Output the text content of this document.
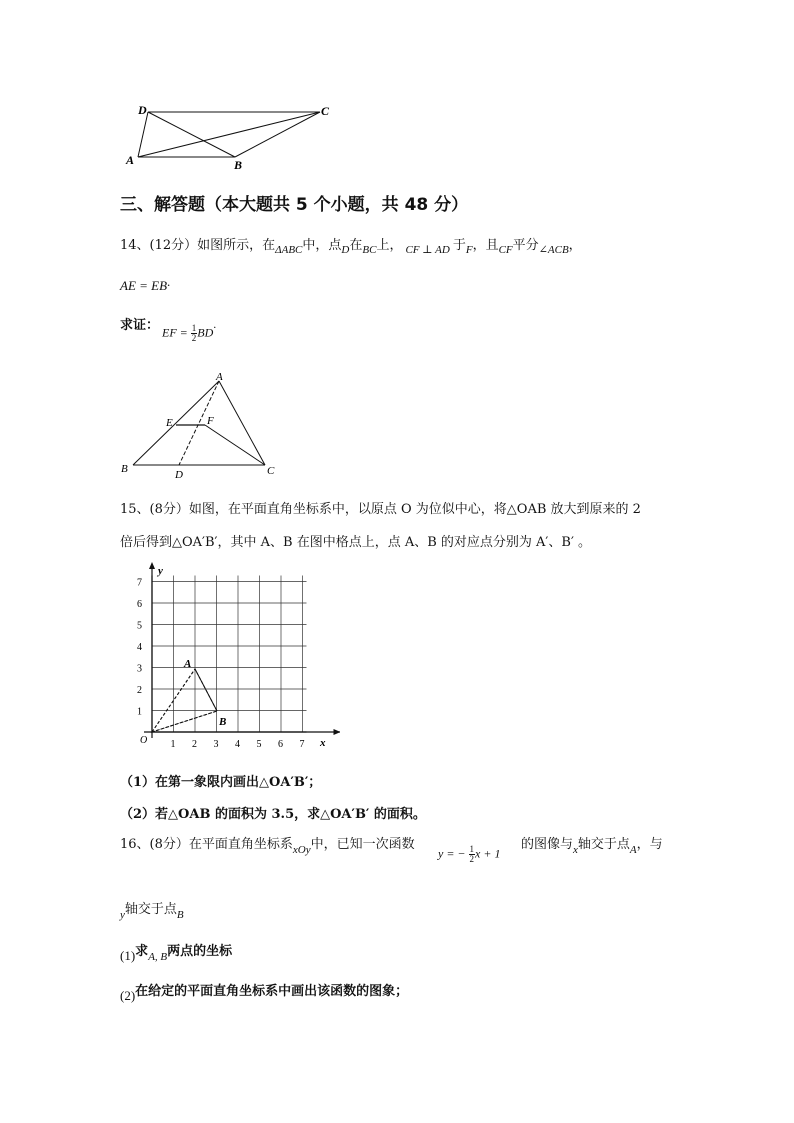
D	C
A	B
三、解答题（本大题共 5 个小题，共 48 分）
14、(12分）如图所示，在$_{\Delta ABC}$中，点$_D$在$_{BC}$上， $_{CF \perp AD}$ 于$_F$，且$_{CF}$平分$_{\angle ACB}$，
AE = EB.
求证： EF = $\frac{1}{2}$ BD.
A
B	C
D
E	F
15、(8分）如图，在平面直角坐标系中，以原点 O 为位似中心，将△OAB 放大到原来的 2
倍后得到△OA′B′，其中 A、B 在图中格点上，点 A、B 的对应点分别为 A′、B′ 。
1 2 3 4 5 6 7
1
2
3
4
5
6
7
A
B
O	x
y
（1）在第一象限内画出△OA′B′；
（2）若△OAB 的面积为 3.5，求△OA′B′ 的面积。
16、(8分）在平面直角坐标系$_{xOy}$中，已知一次函数
y = − $\frac{1}{2}$ x + 1
的图像与$_x$轴交于点$_A$，与
$_y$轴交于点$_B$
(1)求$_{A, B}$两点的坐标
(2)在给定的平面直角坐标系中画出该函数的图象；
